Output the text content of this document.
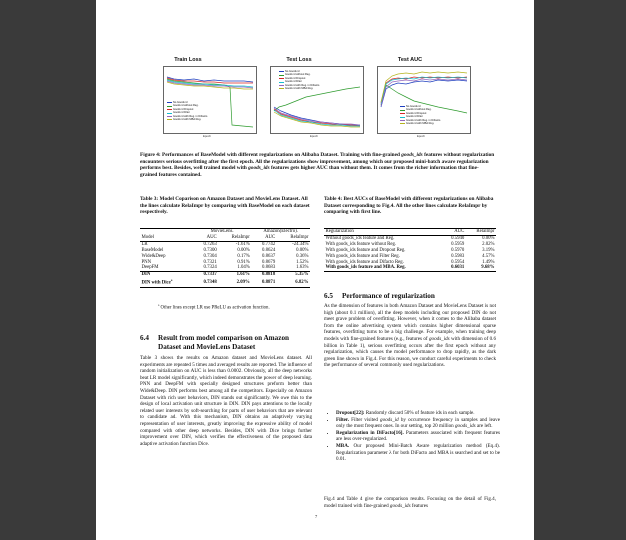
Train Loss
No Goods id
Goods id without Reg.
Goods id Dropout
Goods id Filter
Goods id with Reg. in DiFacto
Goods id with MBA Reg.
Epoch
Test Loss
No Goods id
Goods id without Reg.
Goods id Dropout
Goods id Filter
Goods id with Reg. in DiFacto
Goods id with MBA Reg.
Epoch
Test AUC
No Goods id
Goods id without Reg.
Goods id Dropout
Goods id Filter
Goods id with Reg. in DiFacto
Goods id with MBA Reg.
Epoch
Figure 4: Performances of BaseModel with different regularizations on Alibaba Dataset. Training with fine-grained goods_ids features without regularization encounters serious overfitting after the first epoch. All the regularizations show improvement, among which our proposed mini-batch aware regularization performs best. Besides, well trained model with goods_ids features gets higher AUC than without them. It comes from the richer information that fine-grained features contained.
Table 3: Model Coparison on Amazon Dataset and MovieLens Dataset. All the lines calculate RelaImpr by comparing with BaseModel on each dataset respectively.
	MovieLens.		Amazon(Electro).	
Model	AUC	RelaImpr	AUC	RelaImpr
LR	0.7263	-1.61%	0.7742	-24.34%
BaseModel	0.7300	0.00%	0.8624	0.00%
Wide&Deep	0.7304	0.17%	0.8637	0.36%
PNN	0.7321	0.91%	0.8679	1.52%
DeepFM	0.7324	1.04%	0.8683	1.63%
DIN	0.7337	1.61%	0.8818	5.35%
DIN with Dice$^a$	0.7348	2.09%	0.8871	6.82%
$^a$ Other lines except LR use PReLU as activation function.
6.4	Result from model comparison on Amazon
Dataset and MovieLens Dataset
Table 3 shows the results on Amazon dataset and MovieLens dataset. All experiments are repeated 5 times and averaged results are reported. The influence of random initialization on AUC is less than 0.0002. Obviously, all the deep networks beat LR model significantly, which indeed demonstrates the power of deep learning. PNN and DeepFM with specially designed structures preform better than Wide&Deep. DIN performs best among all the competitors. Especially on Amazon Dataset with rich user behaviors, DIN stands out significantly. We owe this to the design of local activation unit structure in DIN. DIN pays attentions to the locally related user interests by soft-searching for parts of user behaviors that are relevant to candidate ad. With this mechanism, DIN obtains an adaptively varying representation of user interests, greatly improving the expressive ability of model compared with other deep networks. Besides, DIN with Dice brings further improvement over DIN, which verifies the effectiveness of the proposed data adaptive activation function Dice.
Table 4: Best AUCs of BaseModel with different regularizations on Alibaba Dataset corresponding to Fig.4. All the other lines calculate RelaImpr by comparing with first line.
Regularization	AUC	RelaImpr
Without goods_ids feature and Reg.	0.5940	0.00%
With goods_ids feature without Reg.	0.5959	2.02%
With goods_ids feature and Dropout Reg.	0.5970	3.19%
With goods_ids feature and Filter Reg.	0.5983	4.57%
With goods_ids feature and Difacto Reg.	0.5954	1.49%
With goods_ids feature and MBA. Reg.	0.6031	9.68%
6.5 Performance of regularization
As the dimension of features in both Amazon Dataset and MovieLens Dataset is not high (about 0.1 million), all the deep models including our proposed DIN do not meet grave problem of overfitting. However, when it comes to the Alibaba dataset from the online advertising system which contains higher dimensional sparse features, overfitting turns to be a big challenge. For example, when training deep models with fine-grained features (e.g., features of goods_ids with dimension of 0.6 billion in Table 1), serious overfitting occurs after the first epoch without any regularization, which causes the model performance to drop rapidly, as the dark green line shown in Fig.4. For this reason, we conduct careful experiments to check the performance of several commonly used regularizations.
• Dropout[22]: Randomly discard 50% of feature ids in each sample.
• Filter. Filter visited goods_id by occurrence frequency in samples and leave only the most frequent ones. In our setting, top 20 million goods_ids are left.
• Regularization in DiFacto[16]. Parameters associated with frequent features are less over-regularized.
• MBA. Our proposed Mini-Batch Aware regularization method (Eq.4). Regularization parameter λ for both DiFacto and MBA is searched and set to be 0.01.
Fig.4 and Table 4 give the comparison results. Focusing on the detail of Fig.4, model trained with fine-grained goods_ids features
7
